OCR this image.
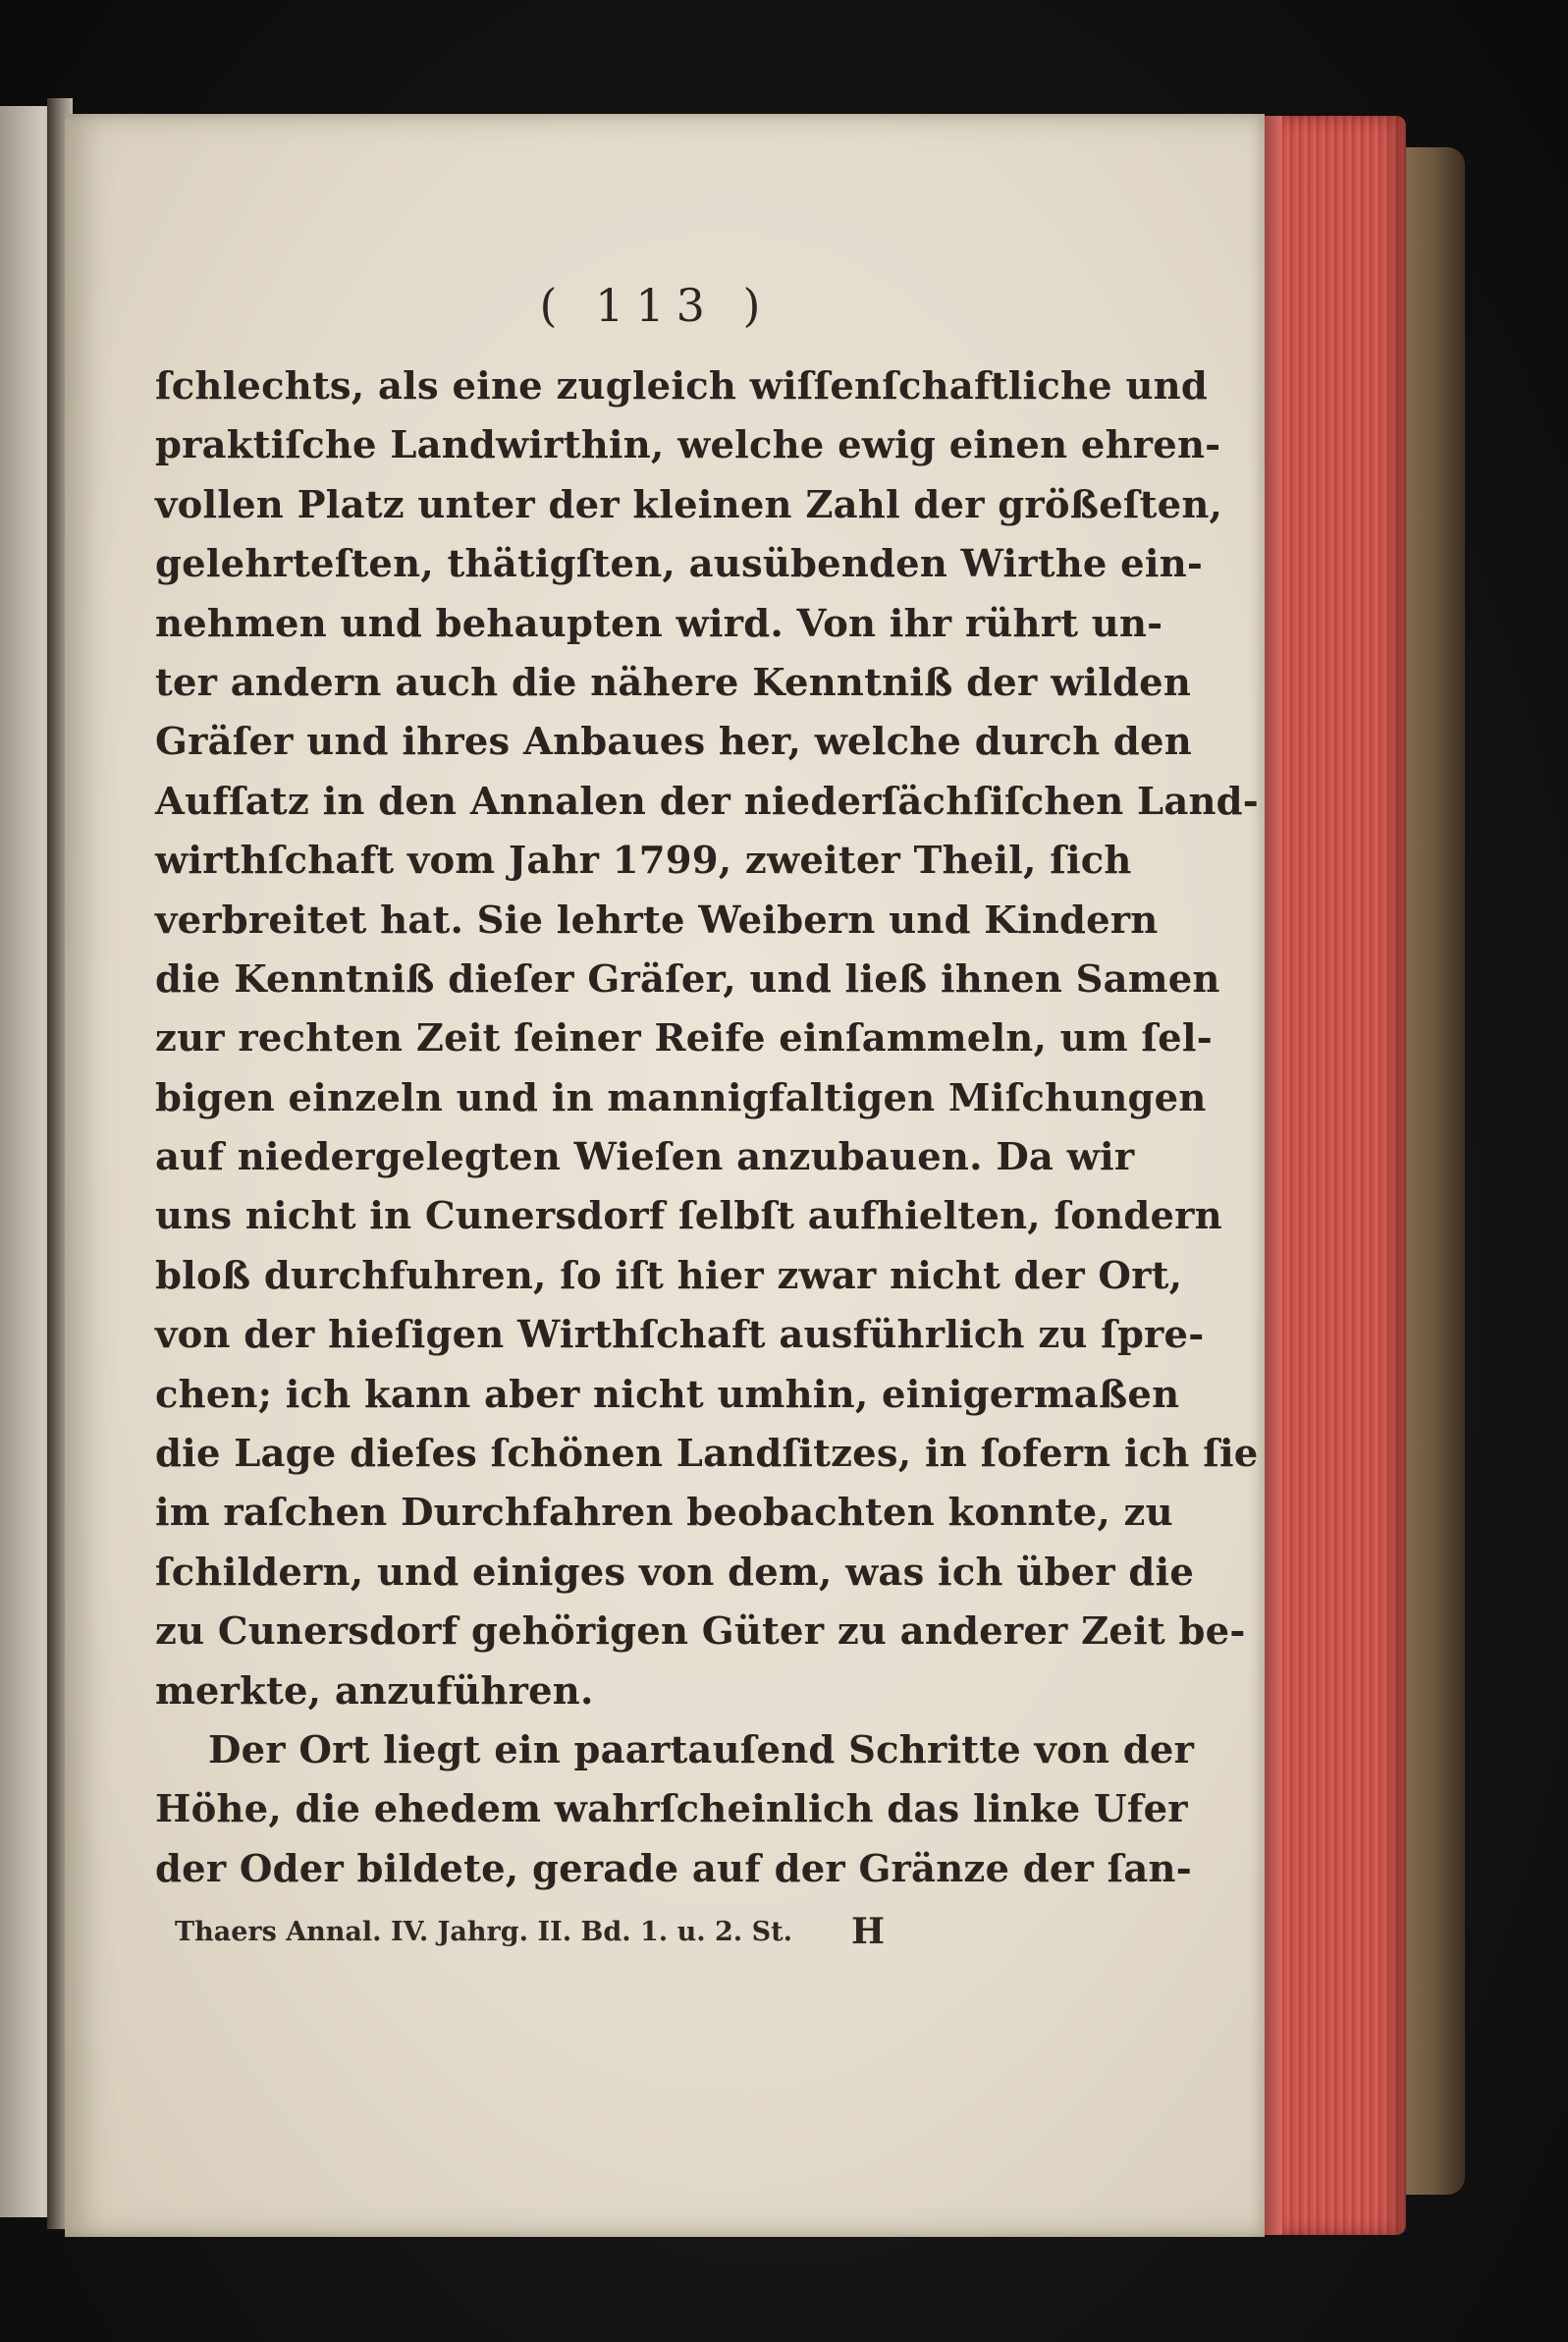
( 113 )
ſchlechts, als eine zugleich wiſſenſchaftliche und
praktiſche Landwirthin, welche ewig einen ehren-
vollen Platz unter der kleinen Zahl der größeſten,
gelehrteſten, thätigſten, ausübenden Wirthe ein-
nehmen und behaupten wird. Von ihr rührt un-
ter andern auch die nähere Kenntniß der wilden
Gräſer und ihres Anbaues her, welche durch den
Aufſatz in den Annalen der niederſächſiſchen Land-
wirthſchaft vom Jahr 1799, zweiter Theil, ſich
verbreitet hat. Sie lehrte Weibern und Kindern
die Kenntniß dieſer Gräſer, und ließ ihnen Samen
zur rechten Zeit ſeiner Reife einſammeln, um ſel-
bigen einzeln und in mannigfaltigen Miſchungen
auf niedergelegten Wieſen anzubauen. Da wir
uns nicht in Cunersdorf ſelbſt aufhielten, ſondern
bloß durchfuhren, ſo iſt hier zwar nicht der Ort,
von der hieſigen Wirthſchaft ausführlich zu ſpre-
chen; ich kann aber nicht umhin, einigermaßen
die Lage dieſes ſchönen Landſitzes, in ſofern ich ſie
im raſchen Durchfahren beobachten konnte, zu
ſchildern, und einiges von dem, was ich über die
zu Cunersdorf gehörigen Güter zu anderer Zeit be-
merkte, anzuführen.
Der Ort liegt ein paartauſend Schritte von der
Höhe, die ehedem wahrſcheinlich das linke Ufer
der Oder bildete, gerade auf der Gränze der ſan-
Thaers Annal. IV. Jahrg. II. Bd. 1. u. 2. St. H
